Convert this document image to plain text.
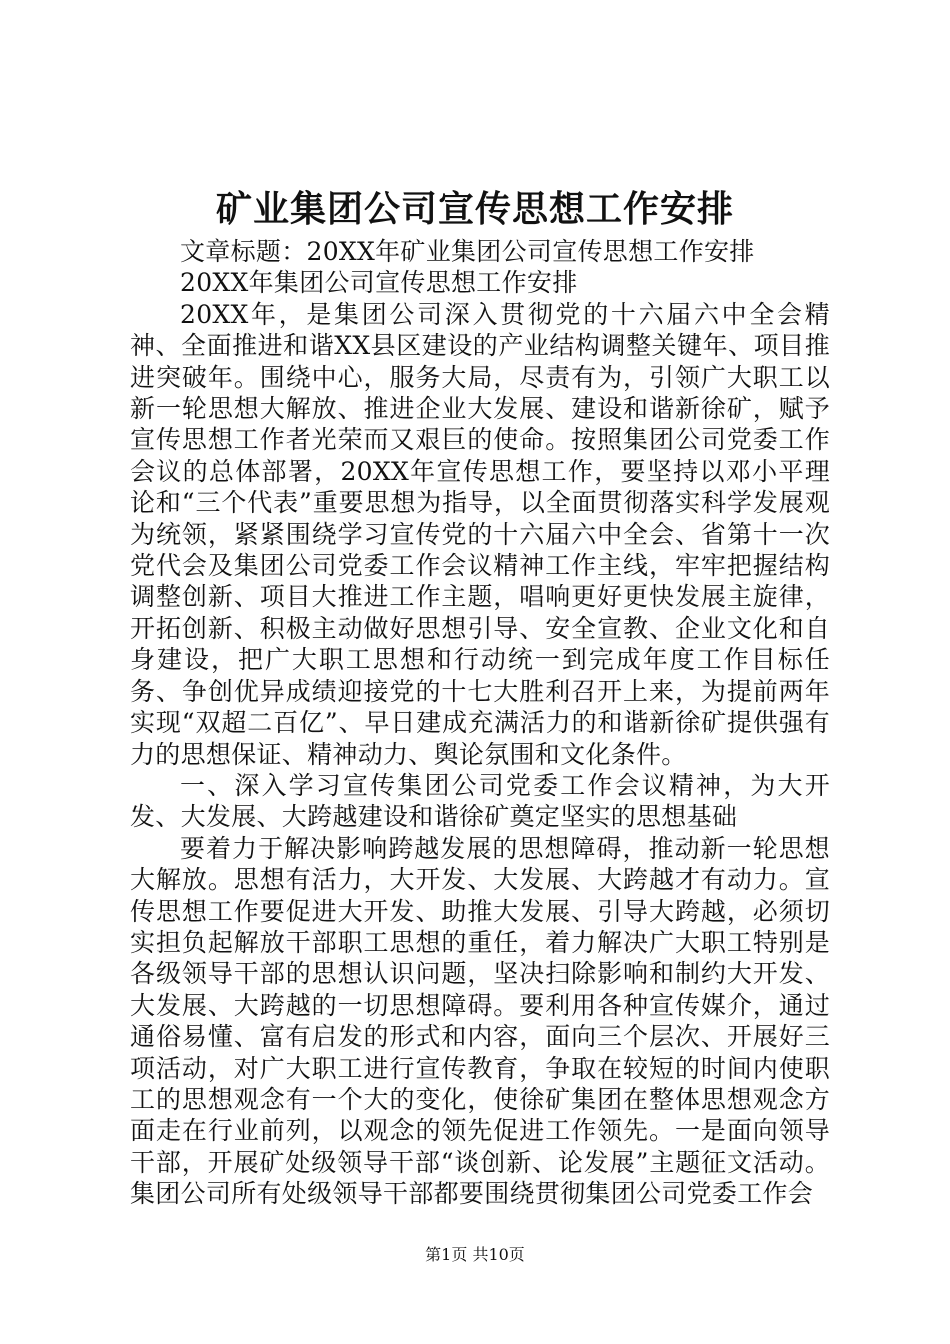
矿业集团公司宣传思想工作安排

文章标题：20XX年矿业集团公司宣传思想工作安排

20XX年集团公司宣传思想工作安排

20XX年，是集团公司深入贯彻党的十六届六中全会精神、全面推进和谐XX县区建设的产业结构调整关键年、项目推进突破年。围绕中心，服务大局，尽责有为，引领广大职工以新一轮思想大解放、推进企业大发展、建设和谐新徐矿，赋予宣传思想工作者光荣而又艰巨的使命。按照集团公司党委工作会议的总体部署，20XX年宣传思想工作，要坚持以邓小平理论和“三个代表”重要思想为指导，以全面贯彻落实科学发展观为统领，紧紧围绕学习宣传党的十六届六中全会、省第十一次党代会及集团公司党委工作会议精神工作主线，牢牢把握结构调整创新、项目大推进工作主题，唱响更好更快发展主旋律，开拓创新、积极主动做好思想引导、安全宣教、企业文化和自身建设，把广大职工思想和行动统一到完成年度工作目标任务、争创优异成绩迎接党的十七大胜利召开上来，为提前两年实现“双超二百亿”、早日建成充满活力的和谐新徐矿提供强有力的思想保证、精神动力、舆论氛围和文化条件。

一、深入学习宣传集团公司党委工作会议精神，为大开发、大发展、大跨越建设和谐徐矿奠定坚实的思想基础

要着力于解决影响跨越发展的思想障碍，推动新一轮思想大解放。思想有活力，大开发、大发展、大跨越才有动力。宣传思想工作要促进大开发、助推大发展、引导大跨越，必须切实担负起解放干部职工思想的重任，着力解决广大职工特别是各级领导干部的思想认识问题，坚决扫除影响和制约大开发、大发展、大跨越的一切思想障碍。要利用各种宣传媒介，通过通俗易懂、富有启发的形式和内容，面向三个层次、开展好三项活动，对广大职工进行宣传教育，争取在较短的时间内使职工的思想观念有一个大的变化，使徐矿集团在整体思想观念方面走在行业前列，以观念的领先促进工作领先。一是面向领导干部，开展矿处级领导干部“谈创新、论发展”主题征文活动。集团公司所有处级领导干部都要围绕贯彻集团公司党委工作会

第1页 共10页
